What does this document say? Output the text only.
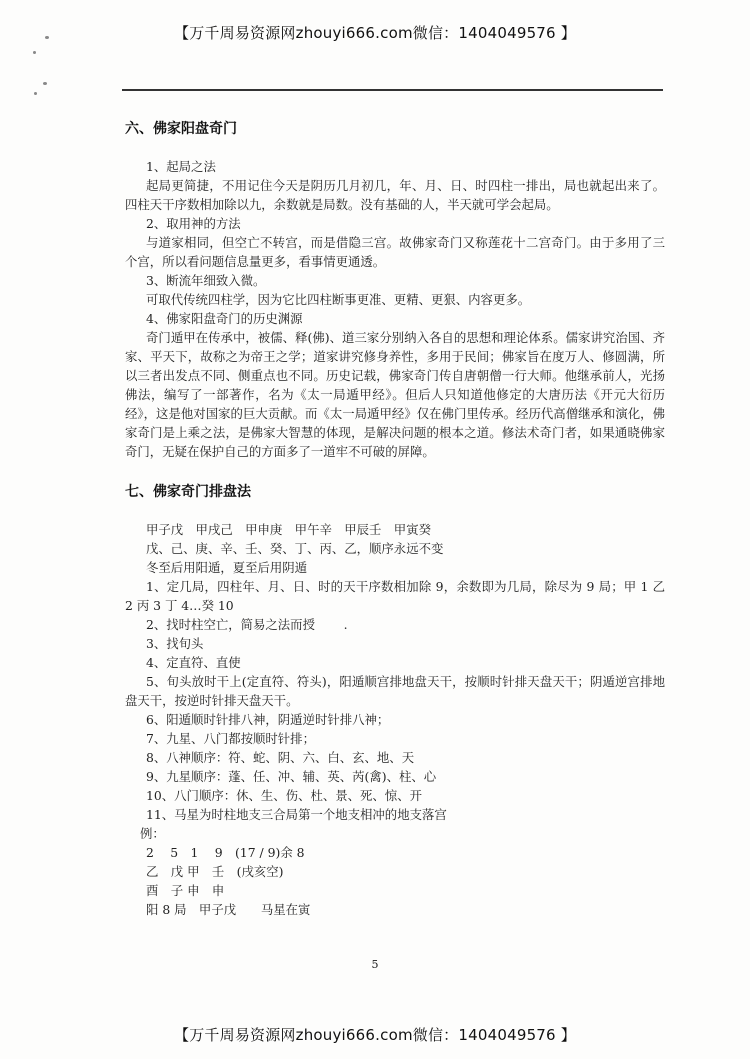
【万千周易资源网zhouyi666.com微信：1404049576 】
六、佛家阳盘奇门
1、起局之法
起局更简捷，不用记住今天是阴历几月初几，年、月、日、时四柱一排出，局也就起出来了。四柱天干序数相加除以九，余数就是局数。没有基础的人，半天就可学会起局。
2、取用神的方法
与道家相同，但空亡不转宫，而是借隐三宫。故佛家奇门又称莲花十二宫奇门。由于多用了三个宫，所以看问题信息量更多，看事情更通透。
3、断流年细致入微。
可取代传统四柱学，因为它比四柱断事更准、更精、更狠、内容更多。
4、佛家阳盘奇门的历史渊源
奇门遁甲在传承中，被儒、释(佛)、道三家分别纳入各自的思想和理论体系。儒家讲究治国、齐家、平天下，故称之为帝王之学；道家讲究修身养性，多用于民间；佛家旨在度万人、修圆满，所以三者出发点不同、侧重点也不同。历史记载，佛家奇门传自唐朝僧一行大师。他继承前人，光扬佛法，编写了一部著作，名为《太一局遁甲经》。但后人只知道他修定的大唐历法《开元大衍历经》，这是他对国家的巨大贡献。而《太一局遁甲经》仅在佛门里传承。经历代高僧继承和演化，佛家奇门是上乘之法，是佛家大智慧的体现，是解决问题的根本之道。修法术奇门者，如果通晓佛家奇门，无疑在保护自己的方面多了一道牢不可破的屏障。
七、佛家奇门排盘法
甲子戊　甲戌己　甲申庚　甲午辛　甲辰壬　甲寅癸
戊、己、庚、辛、壬、癸、丁、丙、乙，顺序永远不变
冬至后用阳遁，夏至后用阴遁
1、定几局，四柱年、月、日、时的天干序数相加除 9，余数即为几局，除尽为 9 局；甲 1 乙 2 丙 3 丁 4…癸 10
2、找时柱空亡，简易之法而授　　 .
3、找旬头
4、定直符、直使
5、旬头放时干上(定直符、符头)，阳遁顺宫排地盘天干，按顺时针排天盘天干；阴遁逆宫排地盘天干，按逆时针排天盘天干。
6、阳遁顺时针排八神，阴遁逆时针排八神；
7、九星、八门都按顺时针排；
8、八神顺序：符、蛇、阴、六、白、玄、地、天
9、九星顺序：蓬、任、冲、辅、英、芮(禽)、柱、心
10、八门顺序：休、生、伤、杜、景、死、惊、开
11、马星为时柱地支三合局第一个地支相冲的地支落宫
例：
2　 5　1　 9　(17 / 9)余 8
乙　戊 甲　壬　(戌亥空)
酉　子 申　申
阳 8 局　甲子戊　　马星在寅
5
【万千周易资源网zhouyi666.com微信：1404049576 】
